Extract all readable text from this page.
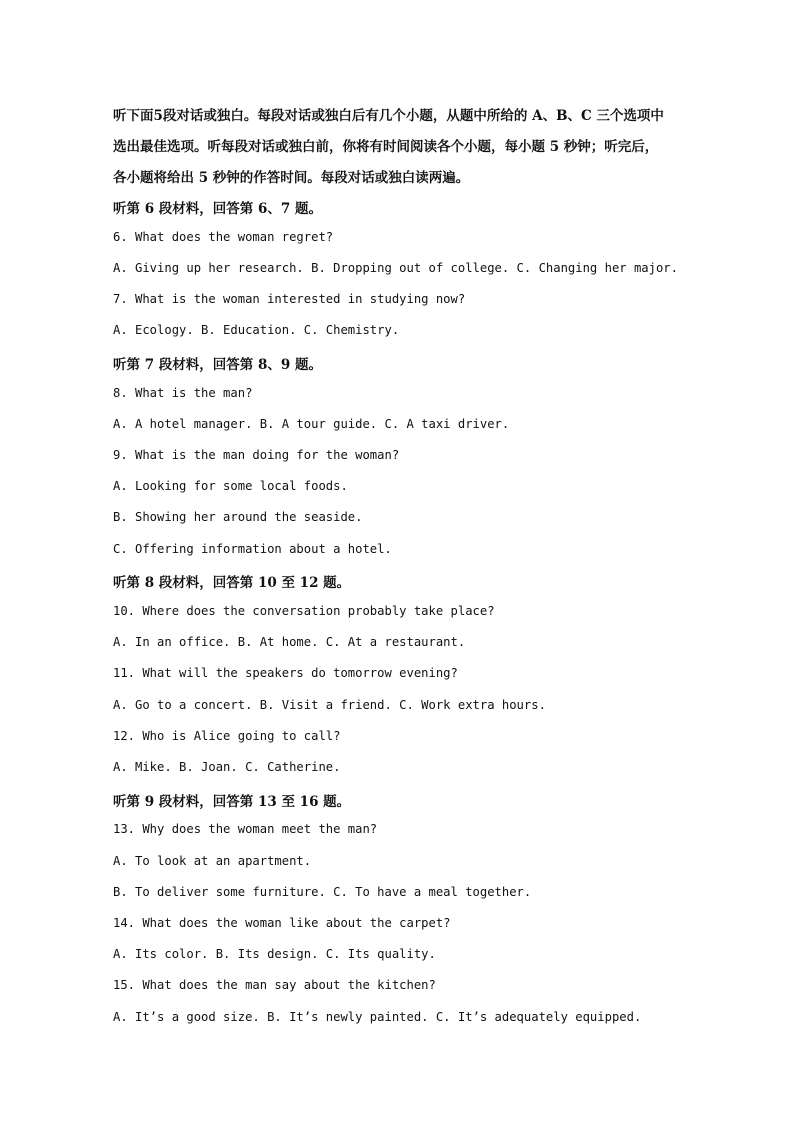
听下面5段对话或独白。每段对话或独白后有几个小题，从题中所给的 A、B、C 三个选项中
选出最佳选项。听每段对话或独白前，你将有时间阅读各个小题，每小题 5 秒钟；听完后，
各小题将给出 5 秒钟的作答时间。每段对话或独白读两遍。
听第 6 段材料，回答第 6、7 题。
6. What does the woman regret?
A. Giving up her research. B. Dropping out of college. C. Changing her major.
7. What is the woman interested in studying now?
A. Ecology. B. Education. C. Chemistry.
听第 7 段材料，回答第 8、9 题。
8. What is the man?
A. A hotel manager. B. A tour guide. C. A taxi driver.
9. What is the man doing for the woman?
A. Looking for some local foods.
B. Showing her around the seaside.
C. Offering information about a hotel.
听第 8 段材料，回答第 10 至 12 题。
10. Where does the conversation probably take place?
A. In an office. B. At home. C. At a restaurant.
11. What will the speakers do tomorrow evening?
A. Go to a concert. B. Visit a friend. C. Work extra hours.
12. Who is Alice going to call?
A. Mike. B. Joan. C. Catherine.
听第 9 段材料，回答第 13 至 16 题。
13. Why does the woman meet the man?
A. To look at an apartment.
B. To deliver some furniture. C. To have a meal together.
14. What does the woman like about the carpet?
A. Its color. B. Its design. C. Its quality.
15. What does the man say about the kitchen?
A. It’s a good size. B. It’s newly painted. C. It’s adequately equipped.
